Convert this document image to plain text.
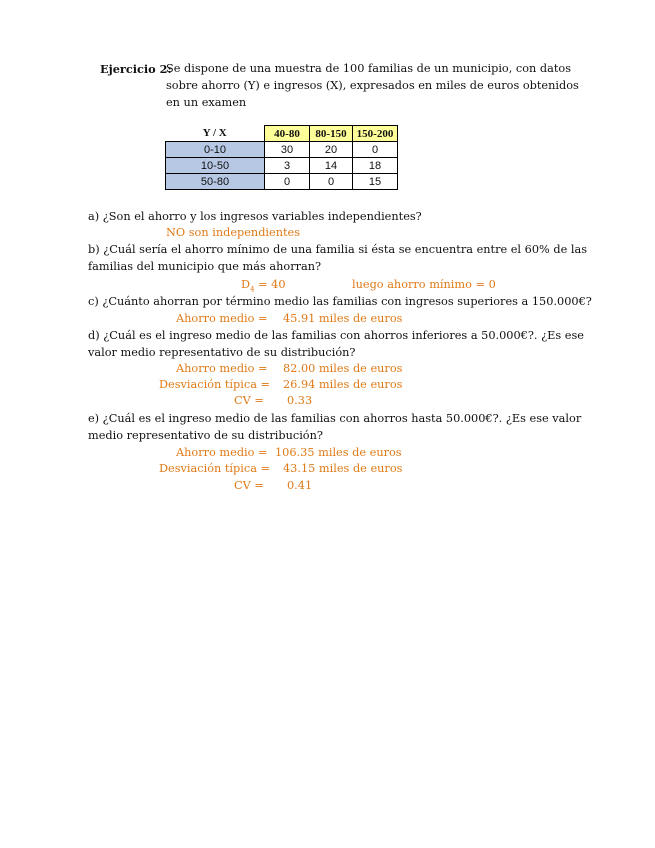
Ejercicio 2:
Se dispone de una muestra de 100 familias de un municipio, con datos
sobre ahorro (Y) e ingresos (X), expresados en miles de euros obtenidos
en un examen
Y / X	40-80	80-150	150-200
0-10	30	20	0
10-50	3	14	18
50-80	0	0	15
a) ¿Son el ahorro y los ingresos variables independientes?
NO son independientes
b) ¿Cuál sería el ahorro mínimo de una familia si ésta se encuentra entre el 60% de las
familias del municipio que más ahorran?
$D_4 = 40$	luego ahorro mínimo = 0
c) ¿Cuánto ahorran por término medio las familias con ingresos superiores a 150.000€?
Ahorro medio = 45.91 miles de euros
d) ¿Cuál es el ingreso medio de las familias con ahorros inferiores a 50.000€?. ¿Es ese
valor medio representativo de su distribución?
Ahorro medio = 82.00 miles de euros
Desviación típica = 26.94 miles de euros
CV = 0.33
e) ¿Cuál es el ingreso medio de las familias con ahorros hasta 50.000€?. ¿Es ese valor
medio representativo de su distribución?
Ahorro medio = 106.35 miles de euros
Desviación típica = 43.15 miles de euros
CV = 0.41
